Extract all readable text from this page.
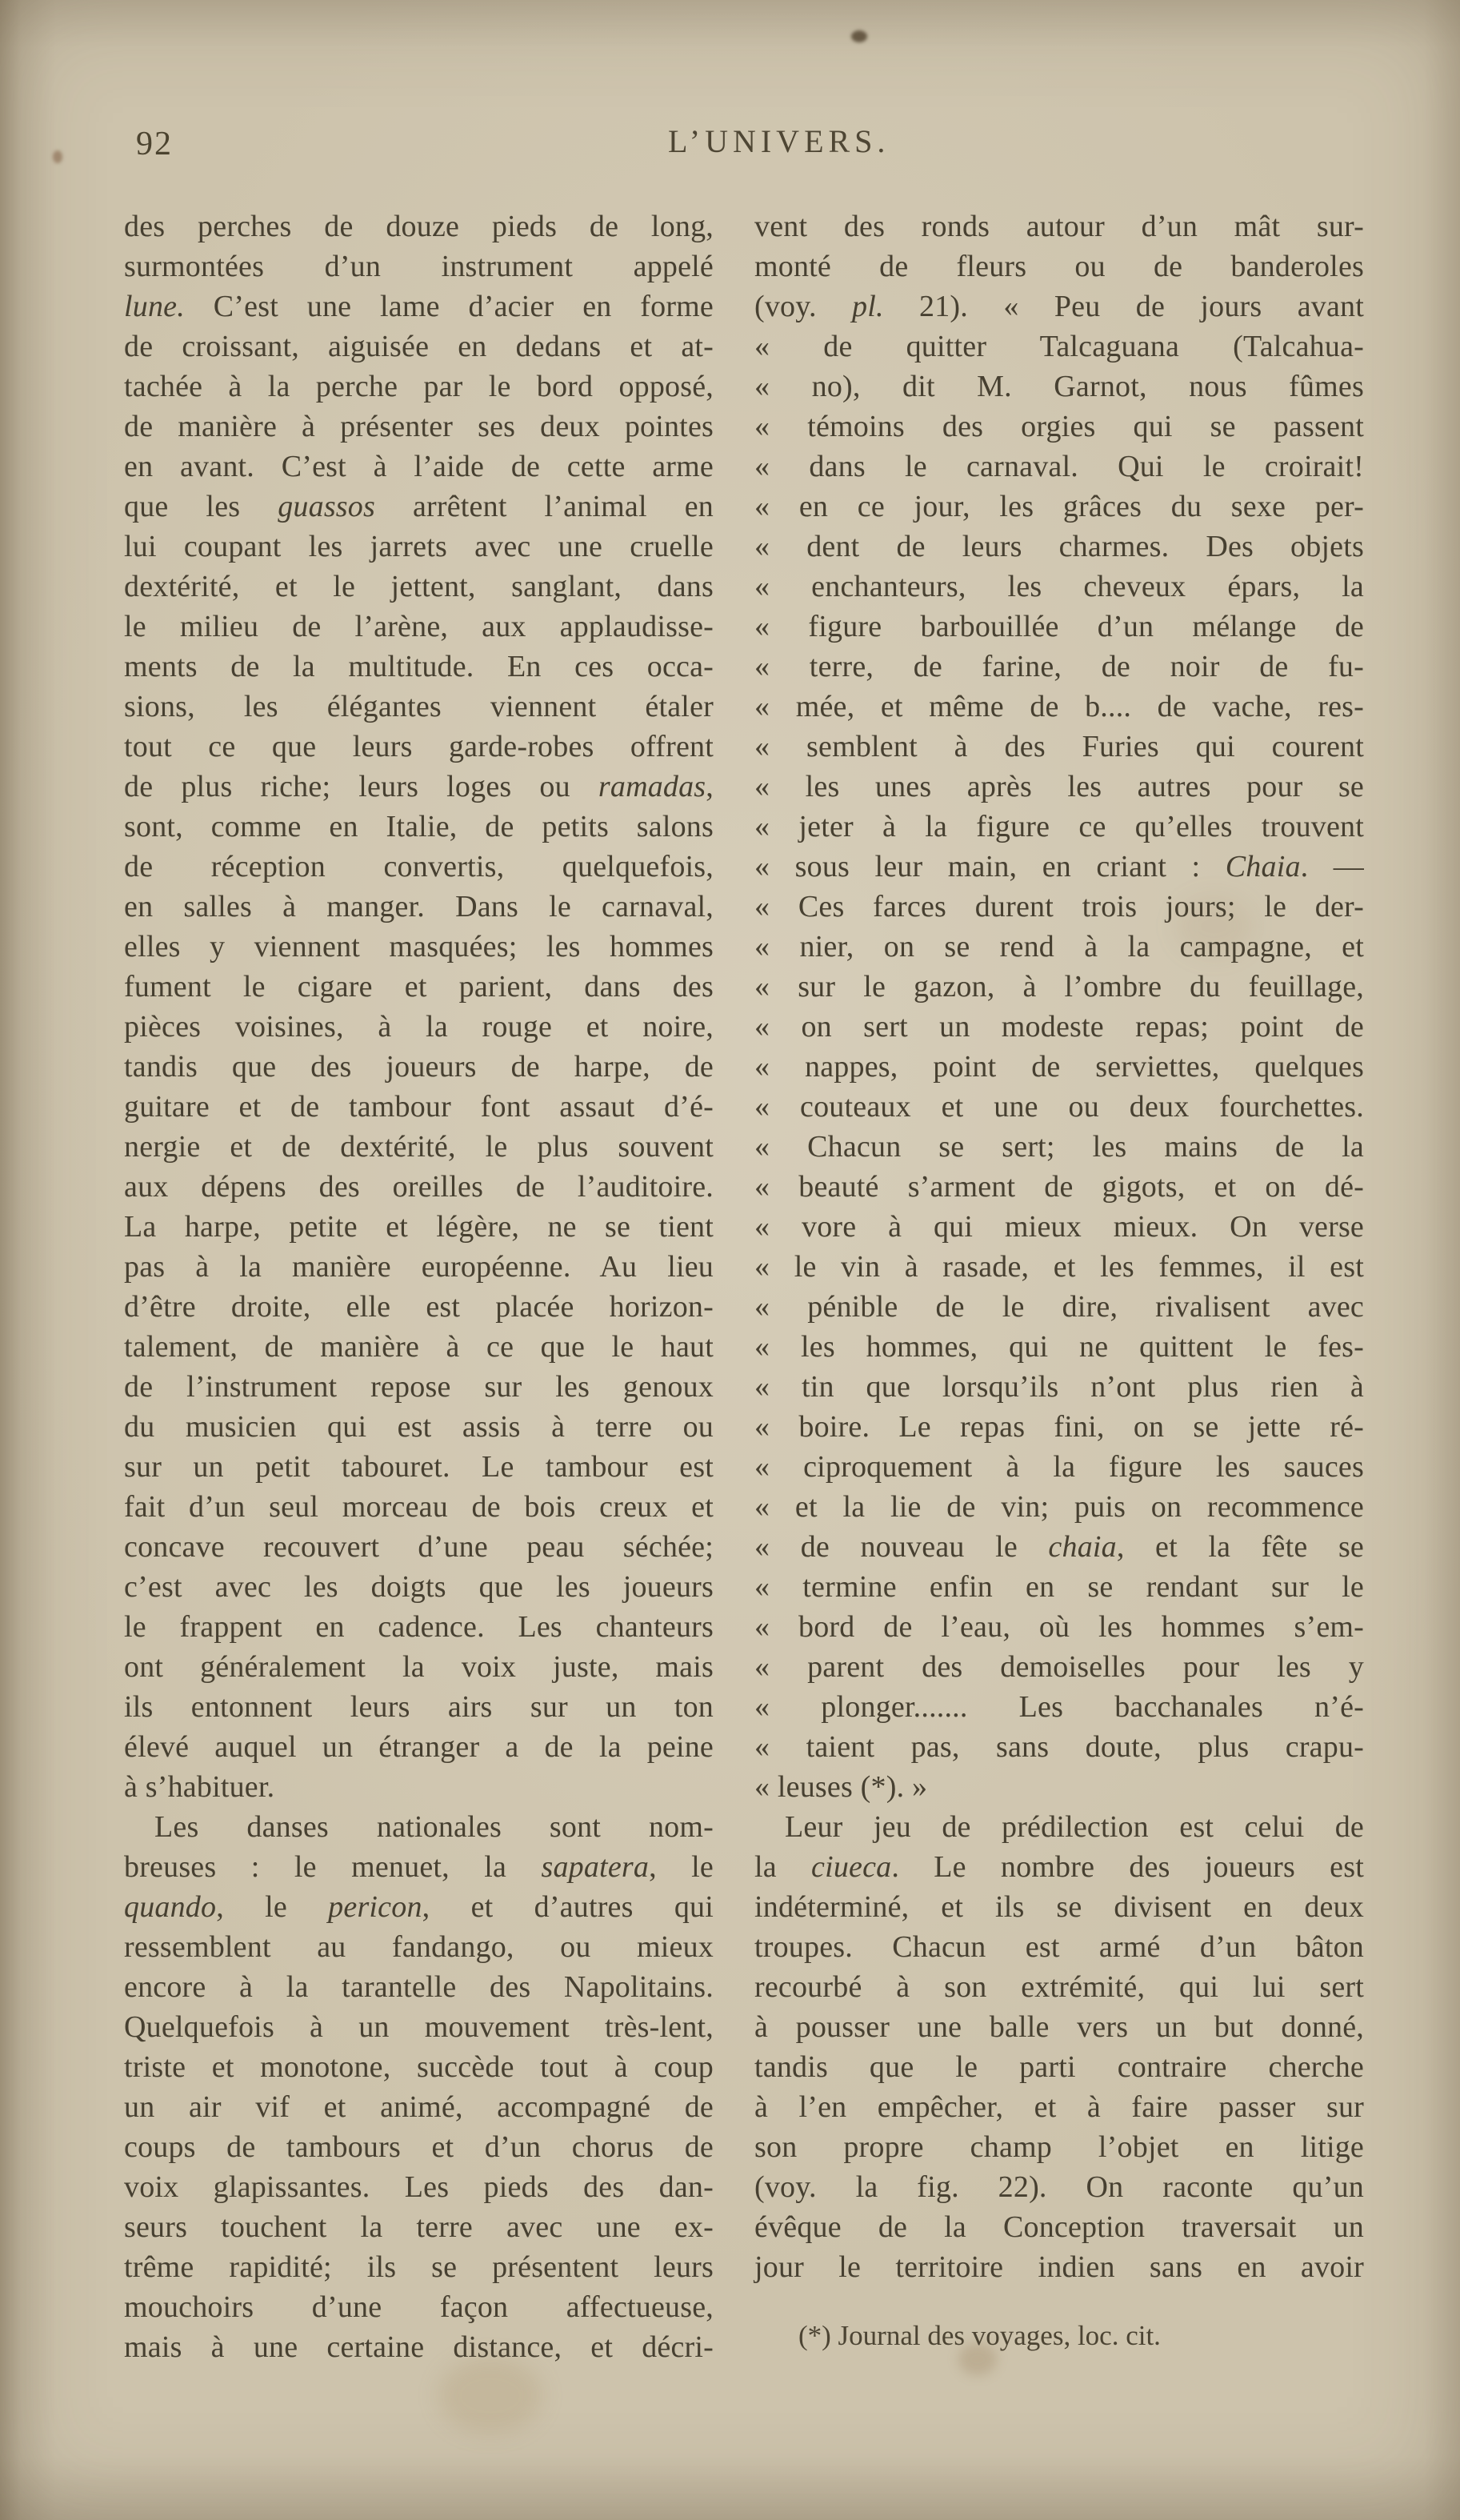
92	L’UNIVERS.
des perches de douze pieds de long,
surmontées d’un instrument appelé
lune. C’est une lame d’acier en forme
de croissant, aiguisée en dedans et at-
tachée à la perche par le bord opposé,
de manière à présenter ses deux pointes
en avant. C’est à l’aide de cette arme
que les guassos arrêtent l’animal en
lui coupant les jarrets avec une cruelle
dextérité, et le jettent, sanglant, dans
le milieu de l’arène, aux applaudisse-
ments de la multitude. En ces occa-
sions, les élégantes viennent étaler
tout ce que leurs garde-robes offrent
de plus riche; leurs loges ou ramadas,
sont, comme en Italie, de petits salons
de réception convertis, quelquefois,
en salles à manger. Dans le carnaval,
elles y viennent masquées; les hommes
fument le cigare et parient, dans des
pièces voisines, à la rouge et noire,
tandis que des joueurs de harpe, de
guitare et de tambour font assaut d’é-
nergie et de dextérité, le plus souvent
aux dépens des oreilles de l’auditoire.
La harpe, petite et légère, ne se tient
pas à la manière européenne. Au lieu
d’être droite, elle est placée horizon-
talement, de manière à ce que le haut
de l’instrument repose sur les genoux
du musicien qui est assis à terre ou
sur un petit tabouret. Le tambour est
fait d’un seul morceau de bois creux et
concave recouvert d’une peau séchée;
c’est avec les doigts que les joueurs
le frappent en cadence. Les chanteurs
ont généralement la voix juste, mais
ils entonnent leurs airs sur un ton
élevé auquel un étranger a de la peine
à s’habituer.
Les danses nationales sont nom-
breuses : le menuet, la sapatera, le
quando, le pericon, et d’autres qui
ressemblent au fandango, ou mieux
encore à la tarantelle des Napolitains.
Quelquefois à un mouvement très-lent,
triste et monotone, succède tout à coup
un air vif et animé, accompagné de
coups de tambours et d’un chorus de
voix glapissantes. Les pieds des dan-
seurs touchent la terre avec une ex-
trême rapidité; ils se présentent leurs
mouchoirs d’une façon affectueuse,
mais à une certaine distance, et décri-
vent des ronds autour d’un mât sur-
monté de fleurs ou de banderoles
(voy. pl. 21). « Peu de jours avant
« de quitter Talcaguana (Talcahua-
« no), dit M. Garnot, nous fûmes
« témoins des orgies qui se passent
« dans le carnaval. Qui le croirait!
« en ce jour, les grâces du sexe per-
« dent de leurs charmes. Des objets
« enchanteurs, les cheveux épars, la
« figure barbouillée d’un mélange de
« terre, de farine, de noir de fu-
« mée, et même de b.... de vache, res-
« semblent à des Furies qui courent
« les unes après les autres pour se
« jeter à la figure ce qu’elles trouvent
« sous leur main, en criant : Chaia. —
« Ces farces durent trois jours; le der-
« nier, on se rend à la campagne, et
« sur le gazon, à l’ombre du feuillage,
« on sert un modeste repas; point de
« nappes, point de serviettes, quelques
« couteaux et une ou deux fourchettes.
« Chacun se sert; les mains de la
« beauté s’arment de gigots, et on dé-
« vore à qui mieux mieux. On verse
« le vin à rasade, et les femmes, il est
« pénible de le dire, rivalisent avec
« les hommes, qui ne quittent le fes-
« tin que lorsqu’ils n’ont plus rien à
« boire. Le repas fini, on se jette ré-
« ciproquement à la figure les sauces
« et la lie de vin; puis on recommence
« de nouveau le chaia, et la fête se
« termine enfin en se rendant sur le
« bord de l’eau, où les hommes s’em-
« parent des demoiselles pour les y
« plonger....... Les bacchanales n’é-
« taient pas, sans doute, plus crapu-
« leuses (*). »
Leur jeu de prédilection est celui de
la ciueca. Le nombre des joueurs est
indéterminé, et ils se divisent en deux
troupes. Chacun est armé d’un bâton
recourbé à son extrémité, qui lui sert
à pousser une balle vers un but donné,
tandis que le parti contraire cherche
à l’en empêcher, et à faire passer sur
son propre champ l’objet en litige
(voy. la fig. 22). On raconte qu’un
évêque de la Conception traversait un
jour le territoire indien sans en avoir
(*) Journal des voyages, loc. cit.
